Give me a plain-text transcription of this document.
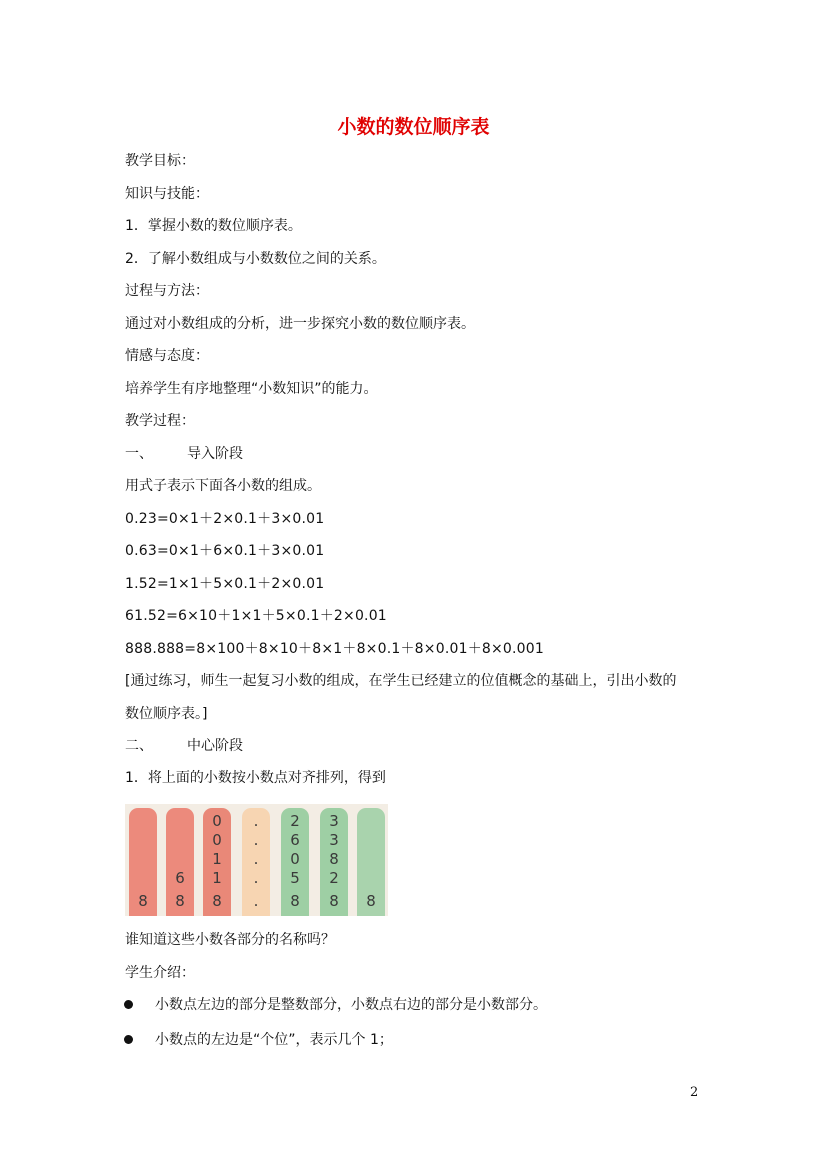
小数的数位顺序表
教学目标：
知识与技能：
1．掌握小数的数位顺序表。
2．了解小数组成与小数数位之间的关系。
过程与方法：
通过对小数组成的分析，进一步探究小数的数位顺序表。
情感与态度：
培养学生有序地整理“小数知识”的能力。
教学过程：
一、 导入阶段
用式子表示下面各小数的组成。
0.23=0×1＋2×0.1＋3×0.01
0.63=0×1＋6×0.1＋3×0.01
1.52=1×1＋5×0.1＋2×0.01
61.52=6×10＋1×1＋5×0.1＋2×0.01
888.888=8×100＋8×10＋8×1＋8×0.1＋8×0.01＋8×0.001
[通过练习，师生一起复习小数的组成，在学生已经建立的位值概念的基础上，引出小数的
数位顺序表。]
二、 中心阶段
1．将上面的小数按小数点对齐排列，得到
8
6
8
0
0
1
1
8
.
.
.
.
.
2
6
0
5
8
3
3
8
2
8	8
谁知道这些小数各部分的名称吗？
学生介绍：
小数点左边的部分是整数部分，小数点右边的部分是小数部分。
小数点的左边是“个位”，表示几个 1；
2
